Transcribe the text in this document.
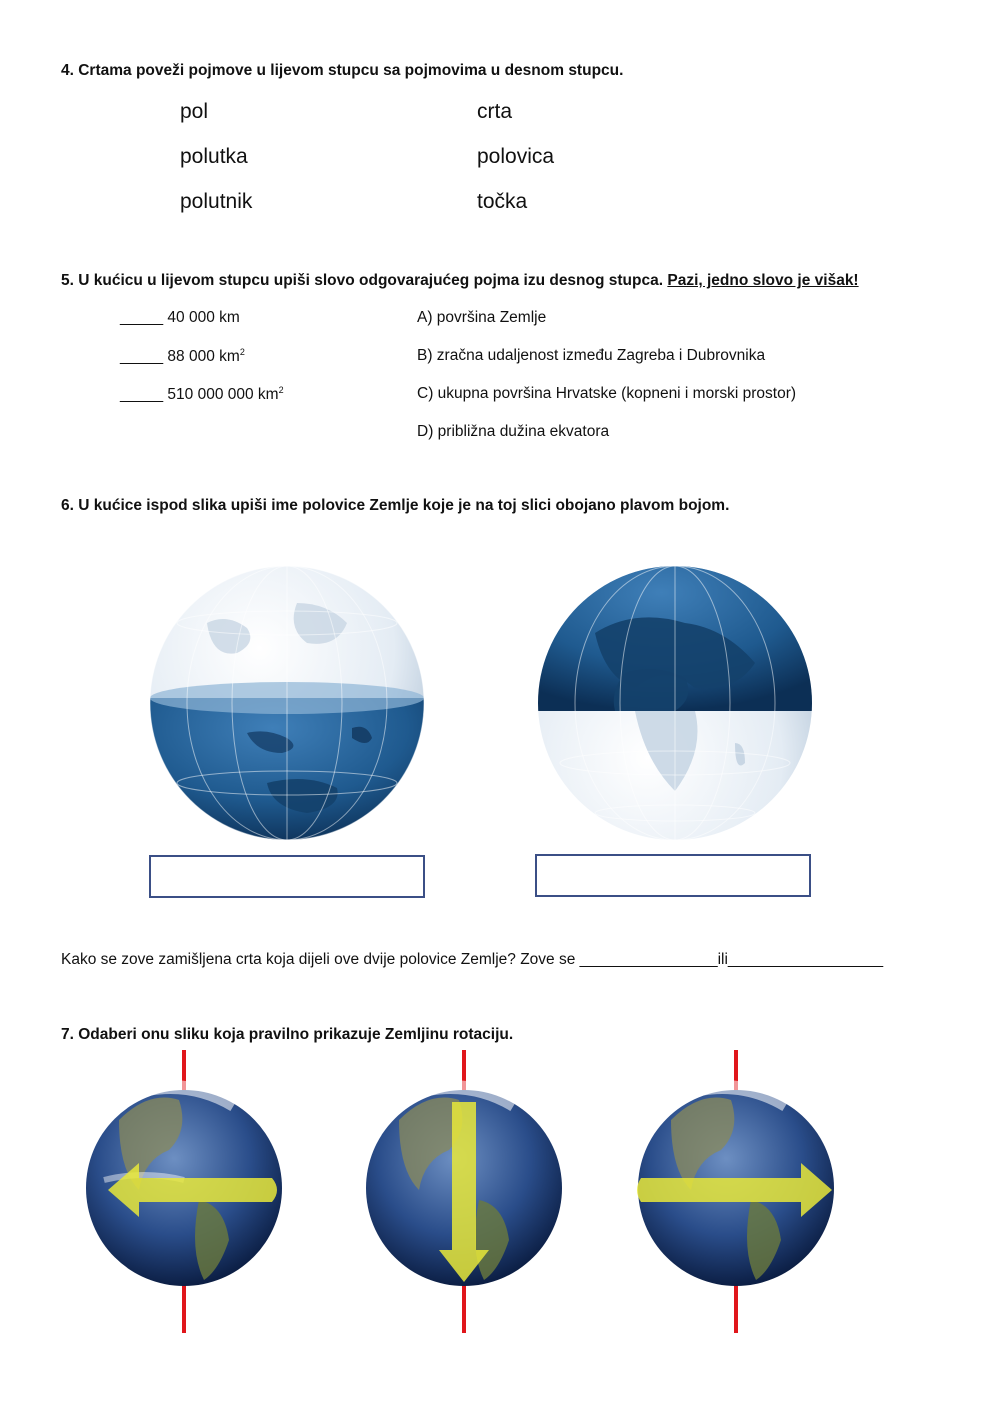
4. Crtama poveži pojmove u lijevom stupcu sa pojmovima u desnom stupcu.
pol
polutka
polutnik
crta
polovica
točka
5. U kućicu u lijevom stupcu upiši slovo odgovarajućeg pojma izu desnog stupca. Pazi, jedno slovo je višak!
_____ 40 000 km
_____ 88 000 $km^2$
_____ 510 000 000 $km^2$
A) površina Zemlje
B) zračna udaljenost između Zagreba i Dubrovnika
C) ukupna površina Hrvatske (kopneni i morski prostor)
D) približna dužina ekvatora
6. U kućice ispod slika upiši ime polovice Zemlje koje je na toj slici obojano plavom bojom.
Kako se zove zamišljena crta koja dijeli ove dvije polovice Zemlje? Zove se ________________ili__________________
7. Odaberi onu sliku koja pravilno prikazuje Zemljinu rotaciju.
